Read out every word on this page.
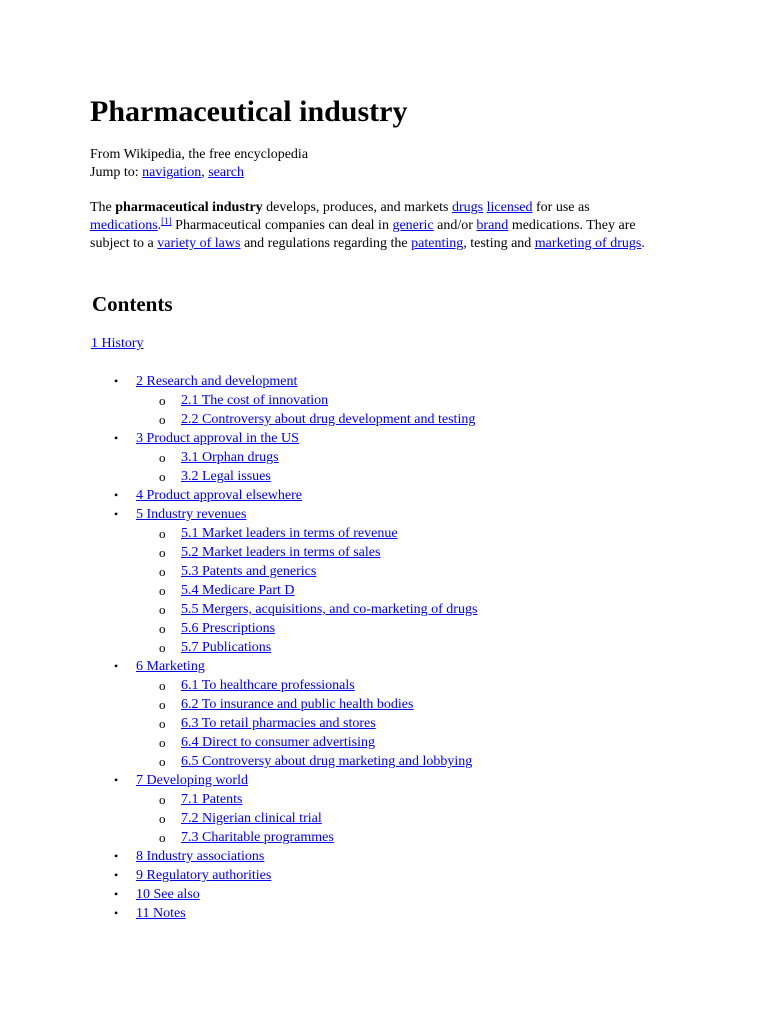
Pharmaceutical industry
From Wikipedia, the free encyclopedia
Jump to: navigation, search

The pharmaceutical industry develops, produces, and markets drugs licensed for use as medications.[1] Pharmaceutical companies can deal in generic and/or brand medications. They are subject to a variety of laws and regulations regarding the patenting, testing and marketing of drugs.

Contents
1 History
• 2 Research and development
o 2.1 The cost of innovation
o 2.2 Controversy about drug development and testing
• 3 Product approval in the US
o 3.1 Orphan drugs
o 3.2 Legal issues
• 4 Product approval elsewhere
• 5 Industry revenues
o 5.1 Market leaders in terms of revenue
o 5.2 Market leaders in terms of sales
o 5.3 Patents and generics
o 5.4 Medicare Part D
o 5.5 Mergers, acquisitions, and co-marketing of drugs
o 5.6 Prescriptions
o 5.7 Publications
• 6 Marketing
o 6.1 To healthcare professionals
o 6.2 To insurance and public health bodies
o 6.3 To retail pharmacies and stores
o 6.4 Direct to consumer advertising
o 6.5 Controversy about drug marketing and lobbying
• 7 Developing world
o 7.1 Patents
o 7.2 Nigerian clinical trial
o 7.3 Charitable programmes
• 8 Industry associations
• 9 Regulatory authorities
• 10 See also
• 11 Notes
